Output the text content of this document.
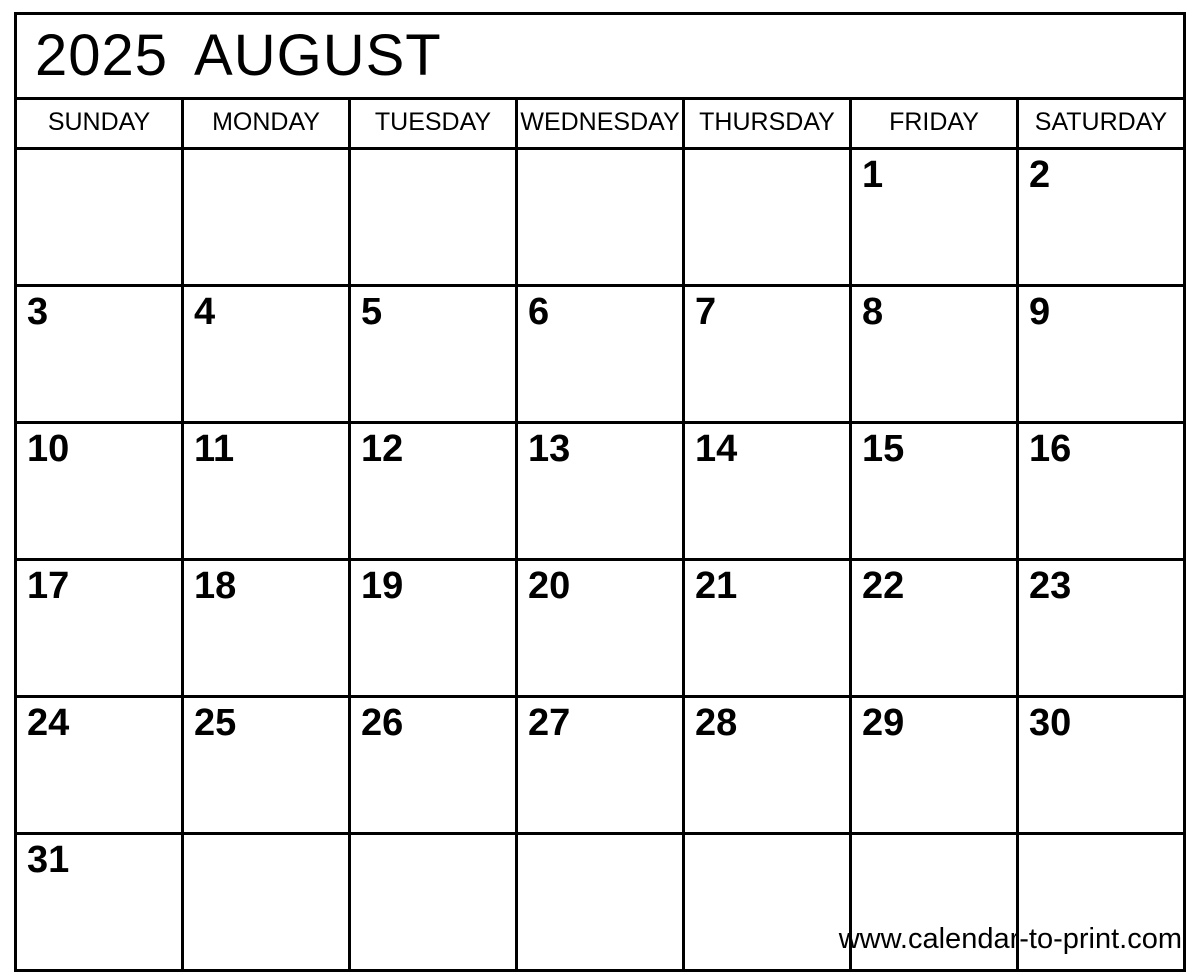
2025 AUGUST						
SUNDAY	MONDAY	TUESDAY	WEDNESDAY	THURSDAY	FRIDAY	SATURDAY
					1	2
3	4	5	6	7	8	9
10	11	12	13	14	15	16
17	18	19	20	21	22	23
24	25	26	27	28	29	30
31						
www.calendar-to-print.com
